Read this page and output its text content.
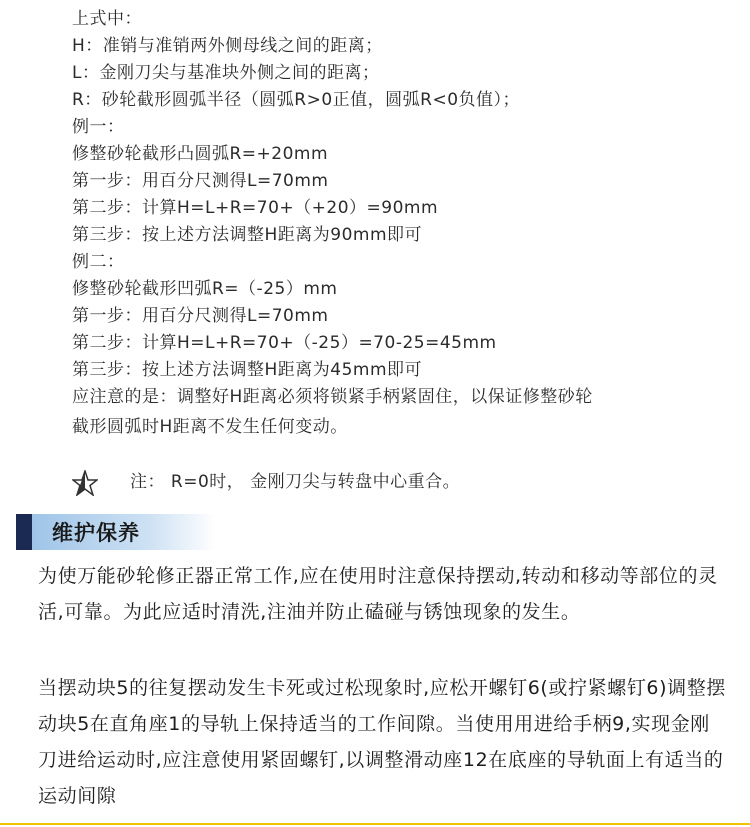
上式中：
H：准销与准销两外侧母线之间的距离；
L：金刚刀尖与基准块外侧之间的距离；
R：砂轮截形圆弧半径（圆弧R>0正值，圆弧R<0负值）；
例一：
修整砂轮截形凸圆弧R=+20mm
第一步：用百分尺测得L=70mm
第二步：计算H=L+R=70+（+20）=90mm
第三步：按上述方法调整H距离为90mm即可
例二：
修整砂轮截形凹弧R=（-25）mm
第一步：用百分尺测得L=70mm
第二步：计算H=L+R=70+（-25）=70-25=45mm
第三步：按上述方法调整H距离为45mm即可
应注意的是：调整好H距离必须将锁紧手柄紧固住，以保证修整砂轮
截形圆弧时H距离不发生任何变动。
注： R=0时， 金刚刀尖与转盘中心重合。
维护保养
为使万能砂轮修正器正常工作,应在使用时注意保持摆动,转动和移动等部位的灵活,可靠。为此应适时清洗,注油并防止磕碰与锈蚀现象的发生。
当摆动块5的往复摆动发生卡死或过松现象时,应松开螺钉6(或拧紧螺钉6)调整摆动块5在直角座1的导轨上保持适当的工作间隙。当使用用进给手柄9,实现金刚刀进给运动时,应注意使用紧固螺钉,以调整滑动座12在底座的导轨面上有适当的运动间隙
